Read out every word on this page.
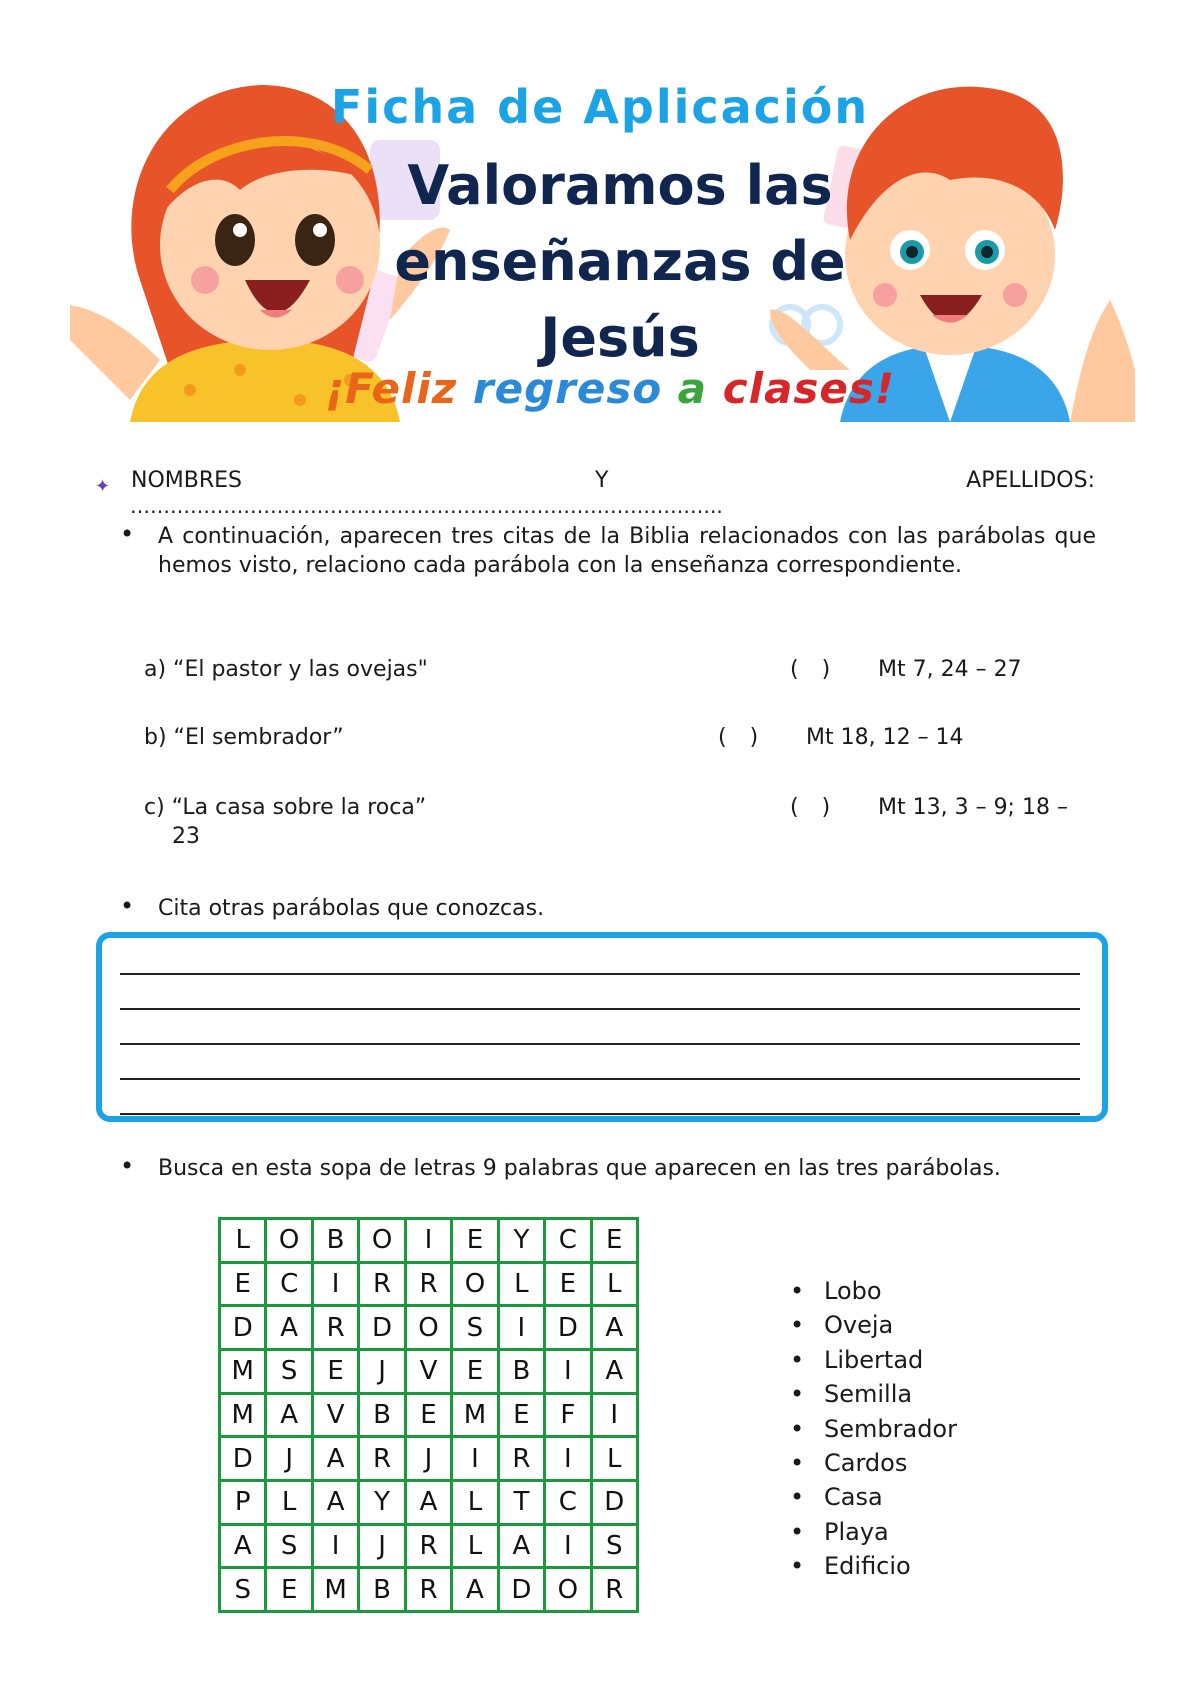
Ficha de Aplicación
Valoramos las
enseñanzas de
Jesús
¡Feliz regreso a clases!
✦ NOMBRES	Y	APELLIDOS:
……………………………………………………………………………..
• A continuación, aparecen tres citas de la Biblia relacionados con las parábolas que hemos visto, relaciono cada parábola con la enseñanza correspondiente.
a) “El pastor y las ovejas"	( ) Mt 7, 24 – 27
b) “El sembrador”	( ) Mt 18, 12 – 14
c) “La casa sobre la roca”	( ) Mt 13, 3 – 9; 18 –
23
• Cita otras parábolas que conozcas.
• Busca en esta sopa de letras 9 palabras que aparecen en las tres parábolas.
L	O	B	O	I	E	Y	C	E
E	C	I	R	R	O	L	E	L
D	A	R	D	O	S	I	D	A
M	S	E	J	V	E	B	I	A
M	A	V	B	E	M	E	F	I
D	J	A	R	J	I	R	I	L
P	L	A	Y	A	L	T	C	D
A	S	I	J	R	L	A	I	S
S	E	M	B	R	A	D	O	R
• Lobo
• Oveja
• Libertad
• Semilla
• Sembrador
• Cardos
• Casa
• Playa
• Edificio
